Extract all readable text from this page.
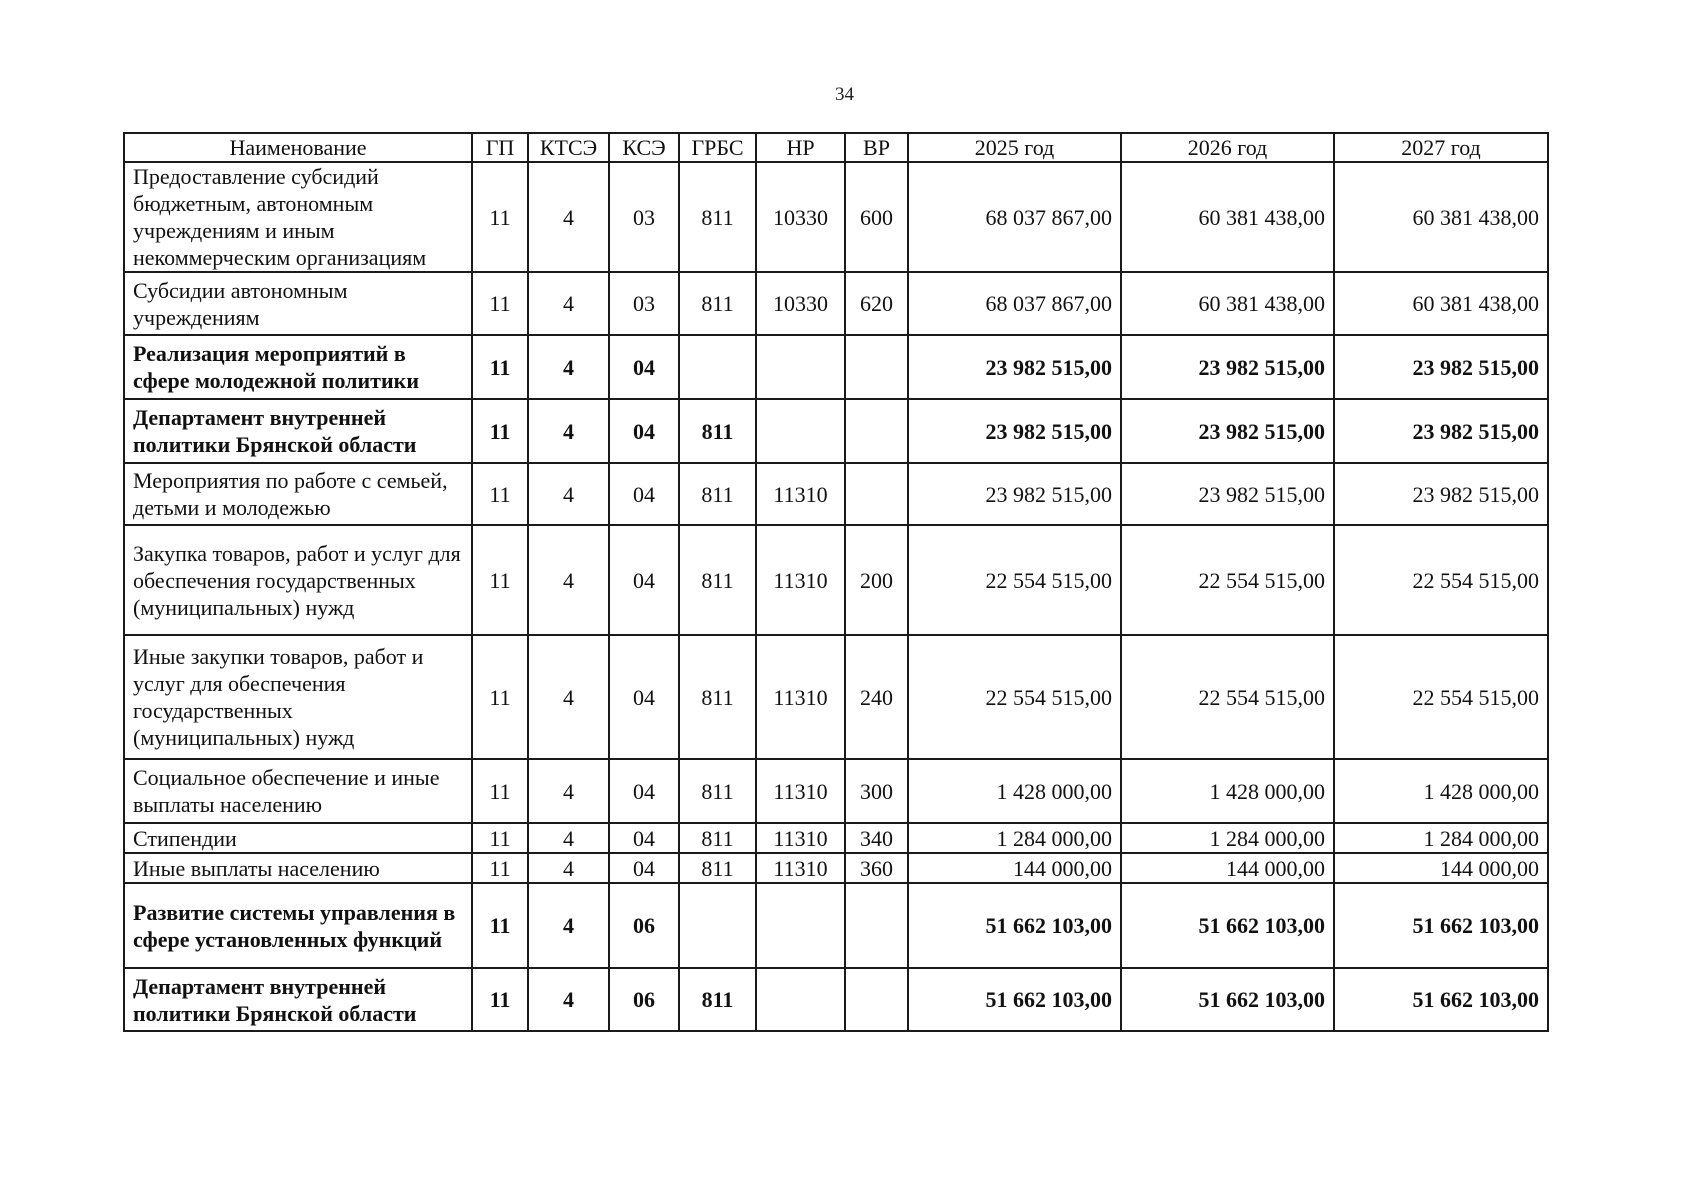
34
Наименование	ГП	КТСЭ	КСЭ	ГРБС	НР	ВР	2025 год	2026 год	2027 год
Предоставление субсидий бюджетным, автономным учреждениям и иным некоммерческим организациям	11	4	03	811	10330	600	68 037 867,00	60 381 438,00	60 381 438,00
Субсидии автономным учреждениям	11	4	03	811	10330	620	68 037 867,00	60 381 438,00	60 381 438,00
Реализация мероприятий в сфере молодежной политики	11	4	04				23 982 515,00	23 982 515,00	23 982 515,00
Департамент внутренней политики Брянской области	11	4	04	811			23 982 515,00	23 982 515,00	23 982 515,00
Мероприятия по работе с семьей, детьми и молодежью	11	4	04	811	11310		23 982 515,00	23 982 515,00	23 982 515,00
Закупка товаров, работ и услуг для обеспечения государственных (муниципальных) нужд	11	4	04	811	11310	200	22 554 515,00	22 554 515,00	22 554 515,00
Иные закупки товаров, работ и услуг для обеспечения государственных (муниципальных) нужд	11	4	04	811	11310	240	22 554 515,00	22 554 515,00	22 554 515,00
Социальное обеспечение и иные выплаты населению	11	4	04	811	11310	300	1 428 000,00	1 428 000,00	1 428 000,00
Стипендии	11	4	04	811	11310	340	1 284 000,00	1 284 000,00	1 284 000,00
Иные выплаты населению	11	4	04	811	11310	360	144 000,00	144 000,00	144 000,00
Развитие системы управления в сфере установленных функций	11	4	06				51 662 103,00	51 662 103,00	51 662 103,00
Департамент внутренней политики Брянской области	11	4	06	811			51 662 103,00	51 662 103,00	51 662 103,00
